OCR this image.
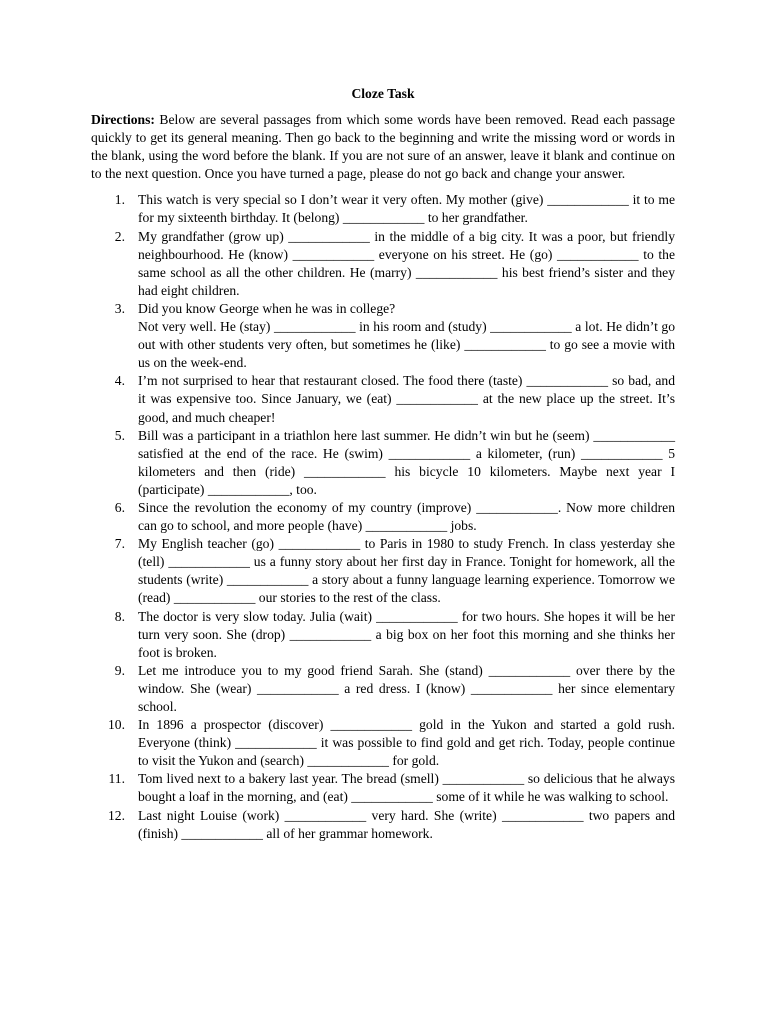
Cloze Task

Directions: Below are several passages from which some words have been removed. Read each passage quickly to get its general meaning. Then go back to the beginning and write the missing word or words in the blank, using the word before the blank. If you are not sure of an answer, leave it blank and continue on to the next question. Once you have turned a page, please do not go back and change your answer.

1. This watch is very special so I don’t wear it very often. My mother (give) ____________ it to me for my sixteenth birthday. It (belong) ____________ to her grandfather.
2. My grandfather (grow up) ____________ in the middle of a big city. It was a poor, but friendly neighbourhood. He (know) ____________ everyone on his street. He (go) ____________ to the same school as all the other children. He (marry) ____________ his best friend’s sister and they had eight children.
3. Did you know George when he was in college?
Not very well. He (stay) ____________ in his room and (study) ____________ a lot. He didn’t go out with other students very often, but sometimes he (like) ____________ to go see a movie with us on the week-end.
4. I’m not surprised to hear that restaurant closed. The food there (taste) ____________ so bad, and it was expensive too. Since January, we (eat) ____________ at the new place up the street. It’s good, and much cheaper!
5. Bill was a participant in a triathlon here last summer. He didn’t win but he (seem) ____________ satisfied at the end of the race. He (swim) ____________ a kilometer, (run) ____________ 5 kilometers and then (ride) ____________ his bicycle 10 kilometers. Maybe next year I (participate) ____________, too.
6. Since the revolution the economy of my country (improve) ____________. Now more children can go to school, and more people (have) ____________ jobs.
7. My English teacher (go) ____________ to Paris in 1980 to study French. In class yesterday she (tell) ____________ us a funny story about her first day in France. Tonight for homework, all the students (write) ____________ a story about a funny language learning experience. Tomorrow we (read) ____________ our stories to the rest of the class.
8. The doctor is very slow today. Julia (wait) ____________ for two hours. She hopes it will be her turn very soon. She (drop) ____________ a big box on her foot this morning and she thinks her foot is broken.
9. Let me introduce you to my good friend Sarah. She (stand) ____________ over there by the window. She (wear) ____________ a red dress. I (know) ____________ her since elementary school.
10. In 1896 a prospector (discover) ____________ gold in the Yukon and started a gold rush. Everyone (think) ____________ it was possible to find gold and get rich. Today, people continue to visit the Yukon and (search) ____________ for gold.
11. Tom lived next to a bakery last year. The bread (smell) ____________ so delicious that he always bought a loaf in the morning, and (eat) ____________ some of it while he was walking to school.
12. Last night Louise (work) ____________ very hard. She (write) ____________ two papers and (finish) ____________ all of her grammar homework.
